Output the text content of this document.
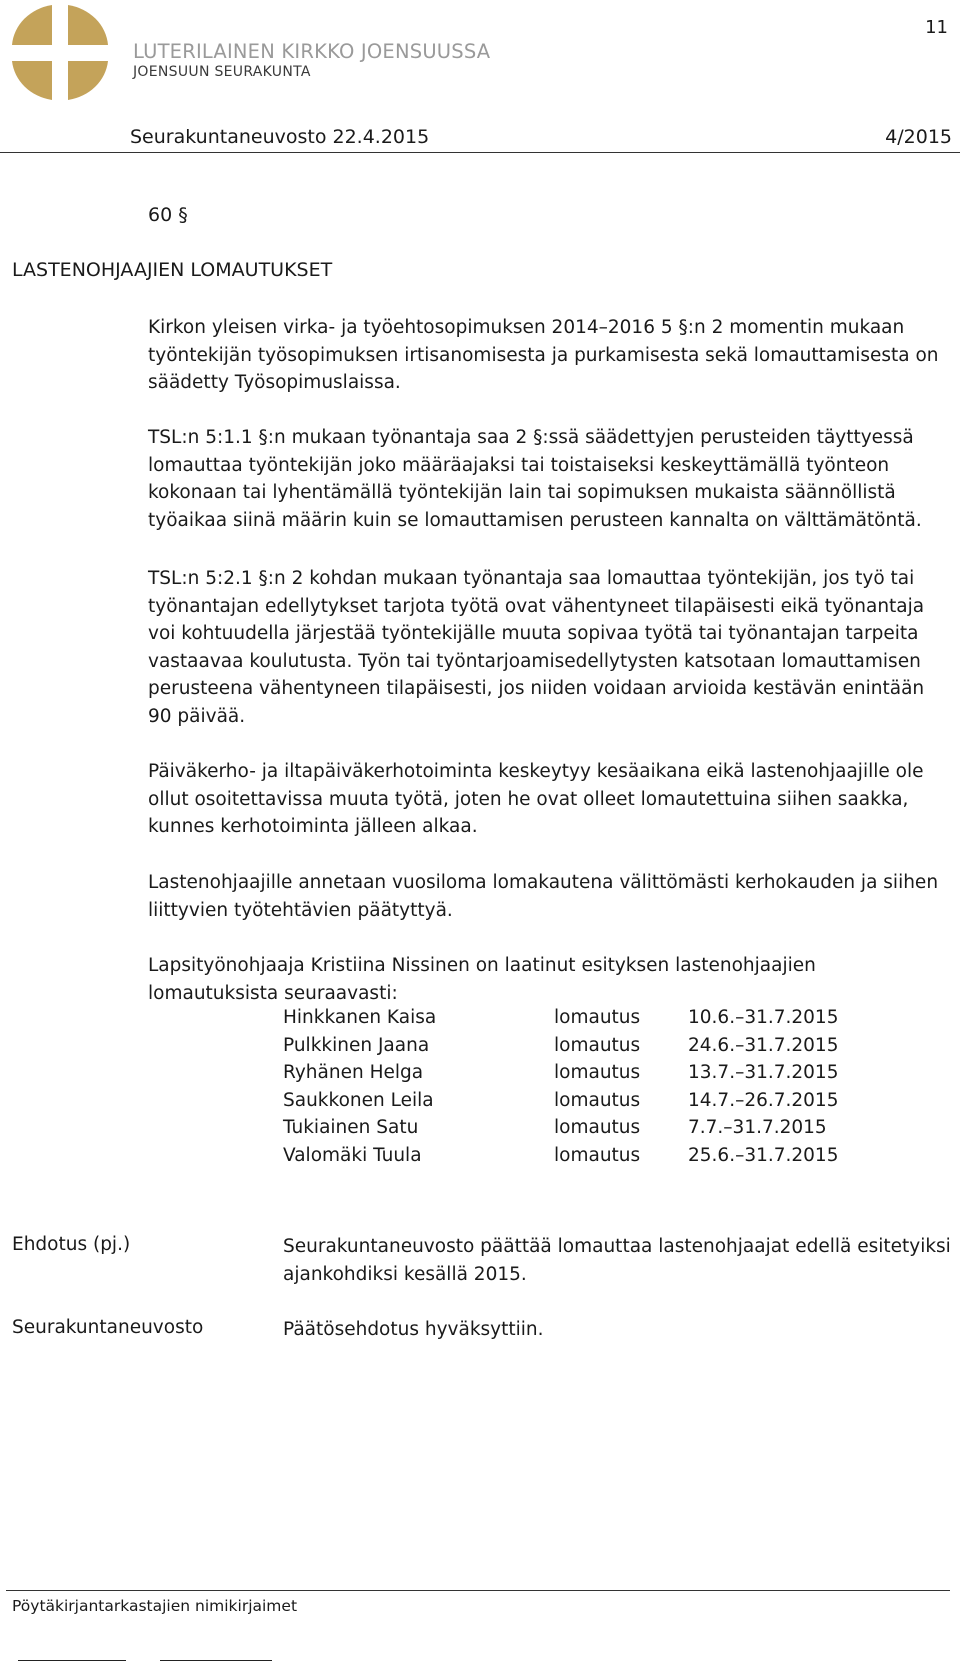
LUTERILAINEN KIRKKO JOENSUUSSA
JOENSUUN SEURAKUNTA
11
Seurakuntaneuvosto 22.4.2015	4/2015
60 §
LASTENOHJAAJIEN LOMAUTUKSET

Kirkon yleisen virka- ja työehtosopimuksen 2014–2016 5 §:n 2 momentin mukaan työntekijän työsopimuksen irtisanomisesta ja purkamisesta sekä lomauttamisesta on säädetty Työsopimuslaissa.

TSL:n 5:1.1 §:n mukaan työnantaja saa 2 §:ssä säädettyjen perusteiden täyttyessä lomauttaa työntekijän joko määräajaksi tai toistaiseksi keskeyttämällä työnteon kokonaan tai lyhentämällä työntekijän lain tai sopimuksen mukaista säännöllistä työaikaa siinä määrin kuin se lomauttamisen perusteen kannalta on välttämätöntä.

TSL:n 5:2.1 §:n 2 kohdan mukaan työnantaja saa lomauttaa työntekijän, jos työ tai työnantajan edellytykset tarjota työtä ovat vähentyneet tilapäisesti eikä työnantaja voi kohtuudella järjestää työntekijälle muuta sopivaa työtä tai työnantajan tarpeita vastaavaa koulutusta. Työn tai työntarjoamisedellytysten katsotaan lomauttamisen perusteena vähentyneen tilapäisesti, jos niiden voidaan arvioida kestävän enintään 90 päivää.

Päiväkerho- ja iltapäiväkerhotoiminta keskeytyy kesäaikana eikä lastenohjaajille ole ollut osoitettavissa muuta työtä, joten he ovat olleet lomautettuina siihen saakka, kunnes kerhotoiminta jälleen alkaa.

Lastenohjaajille annetaan vuosiloma lomakautena välittömästi kerhokauden ja siihen liittyvien työtehtävien päätyttyä.

Lapsityönohjaaja Kristiina Nissinen on laatinut esityksen lastenohjaajien lomautuksista seuraavasti:

Hinkkanen Kaisa	lomautus	10.6.–31.7.2015
Pulkkinen Jaana	lomautus	24.6.–31.7.2015
Ryhänen Helga	lomautus	13.7.–31.7.2015
Saukkonen Leila	lomautus	14.7.–26.7.2015
Tukiainen Satu	lomautus	7.7.–31.7.2015
Valomäki Tuula	lomautus	25.6.–31.7.2015
Ehdotus (pj.)	Seurakuntaneuvosto päättää lomauttaa lastenohjaajat edellä esitetyiksi ajankohdiksi kesällä 2015.

Seurakuntaneuvosto	Päätösehdotus hyväksyttiin.

Pöytäkirjantarkastajien nimikirjaimet
